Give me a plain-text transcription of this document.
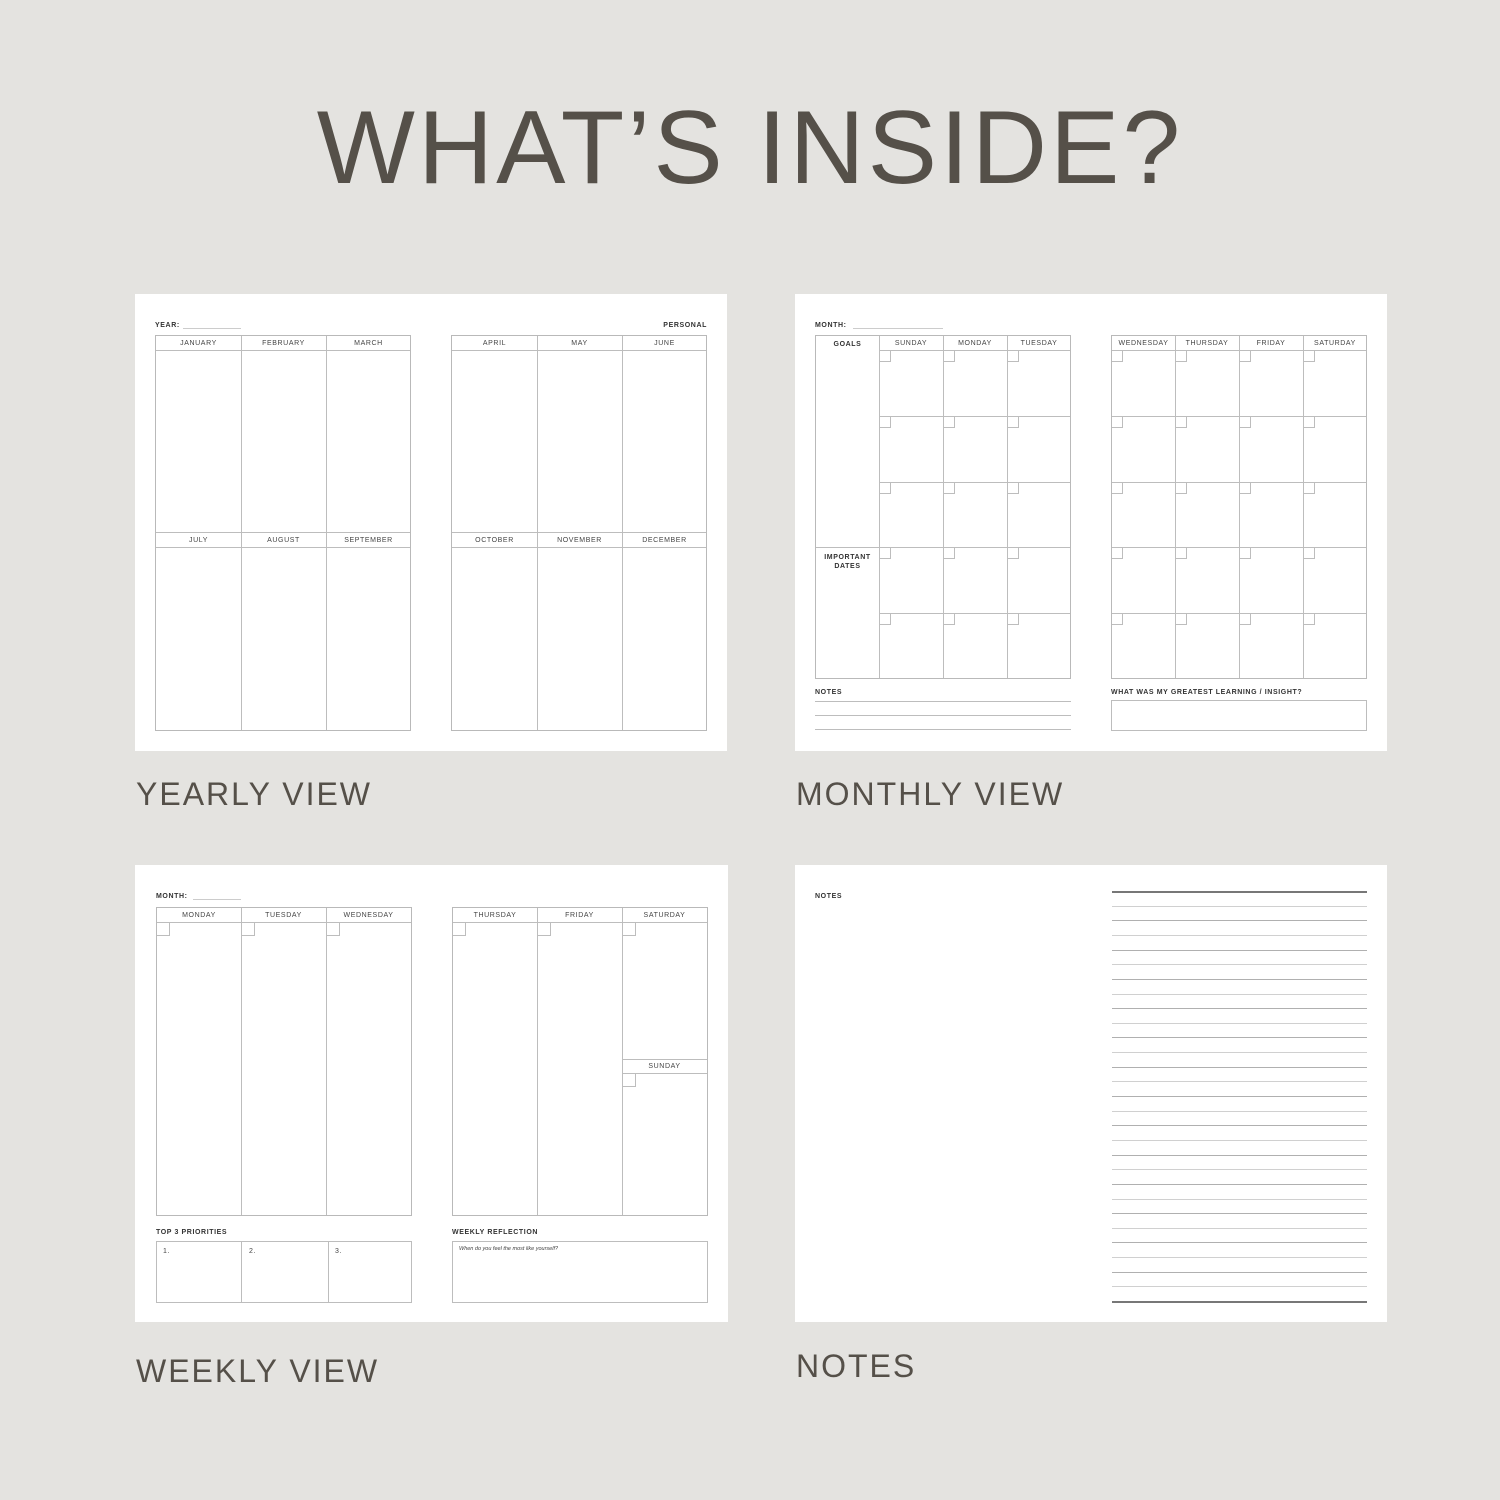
WHAT’S INSIDE?
YEAR:	PERSONAL
JANUARY	FEBRUARY	MARCH
JULY	AUGUST	SEPTEMBER
APRIL	MAY	JUNE
OCTOBER	NOVEMBER	DECEMBER
YEARLY VIEW
MONTH:
GOALS
IMPORTANT
DATES
SUNDAY	MONDAY	TUESDAY	WEDNESDAY	THURSDAY	FRIDAY	SATURDAY
NOTES	WHAT WAS MY GREATEST LEARNING / INSIGHT?
MONTHLY VIEW
MONTH:
MONDAY	TUESDAY	WEDNESDAY	THURSDAY	FRIDAY	SATURDAY
SUNDAY
TOP 3 PRIORITIES
1.	2.	3.
WEEKLY REFLECTION
When do you feel the most like yourself?
WEEKLY VIEW
NOTES
NOTES
